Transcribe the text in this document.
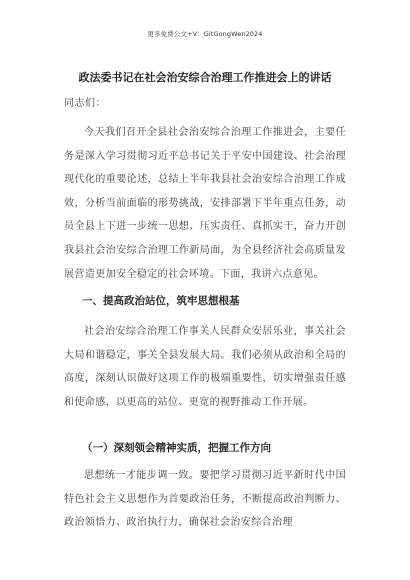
更多免费公文+V：GitGongWen2024
政法委书记在社会治安综合治理工作推进会上的讲话
同志们：
今天我们召开全县社会治安综合治理工作推进会，主要任务是深入学习贯彻习近平总书记关于平安中国建设、社会治理现代化的重要论述，总结上半年我县社会治安综合治理工作成效，分析当前面临的形势挑战，安排部署下半年重点任务，动员全县上下进一步统一思想、压实责任、真抓实干，奋力开创我县社会治安综合治理工作新局面，为全县经济社会高质量发展营造更加安全稳定的社会环境。下面，我讲六点意见。
一、提高政治站位，筑牢思想根基
社会治安综合治理工作事关人民群众安居乐业，事关社会大局和谐稳定，事关全县发展大局。我们必须从政治和全局的高度，深刻认识做好这项工作的极端重要性，切实增强责任感和使命感，以更高的站位、更宽的视野推动工作开展。
（一）深刻领会精神实质，把握工作方向
思想统一才能步调一致。要把学习贯彻习近平新时代中国特色社会主义思想作为首要政治任务，不断提高政治判断力、政治领悟力、政治执行力，确保社会治安综合治理
